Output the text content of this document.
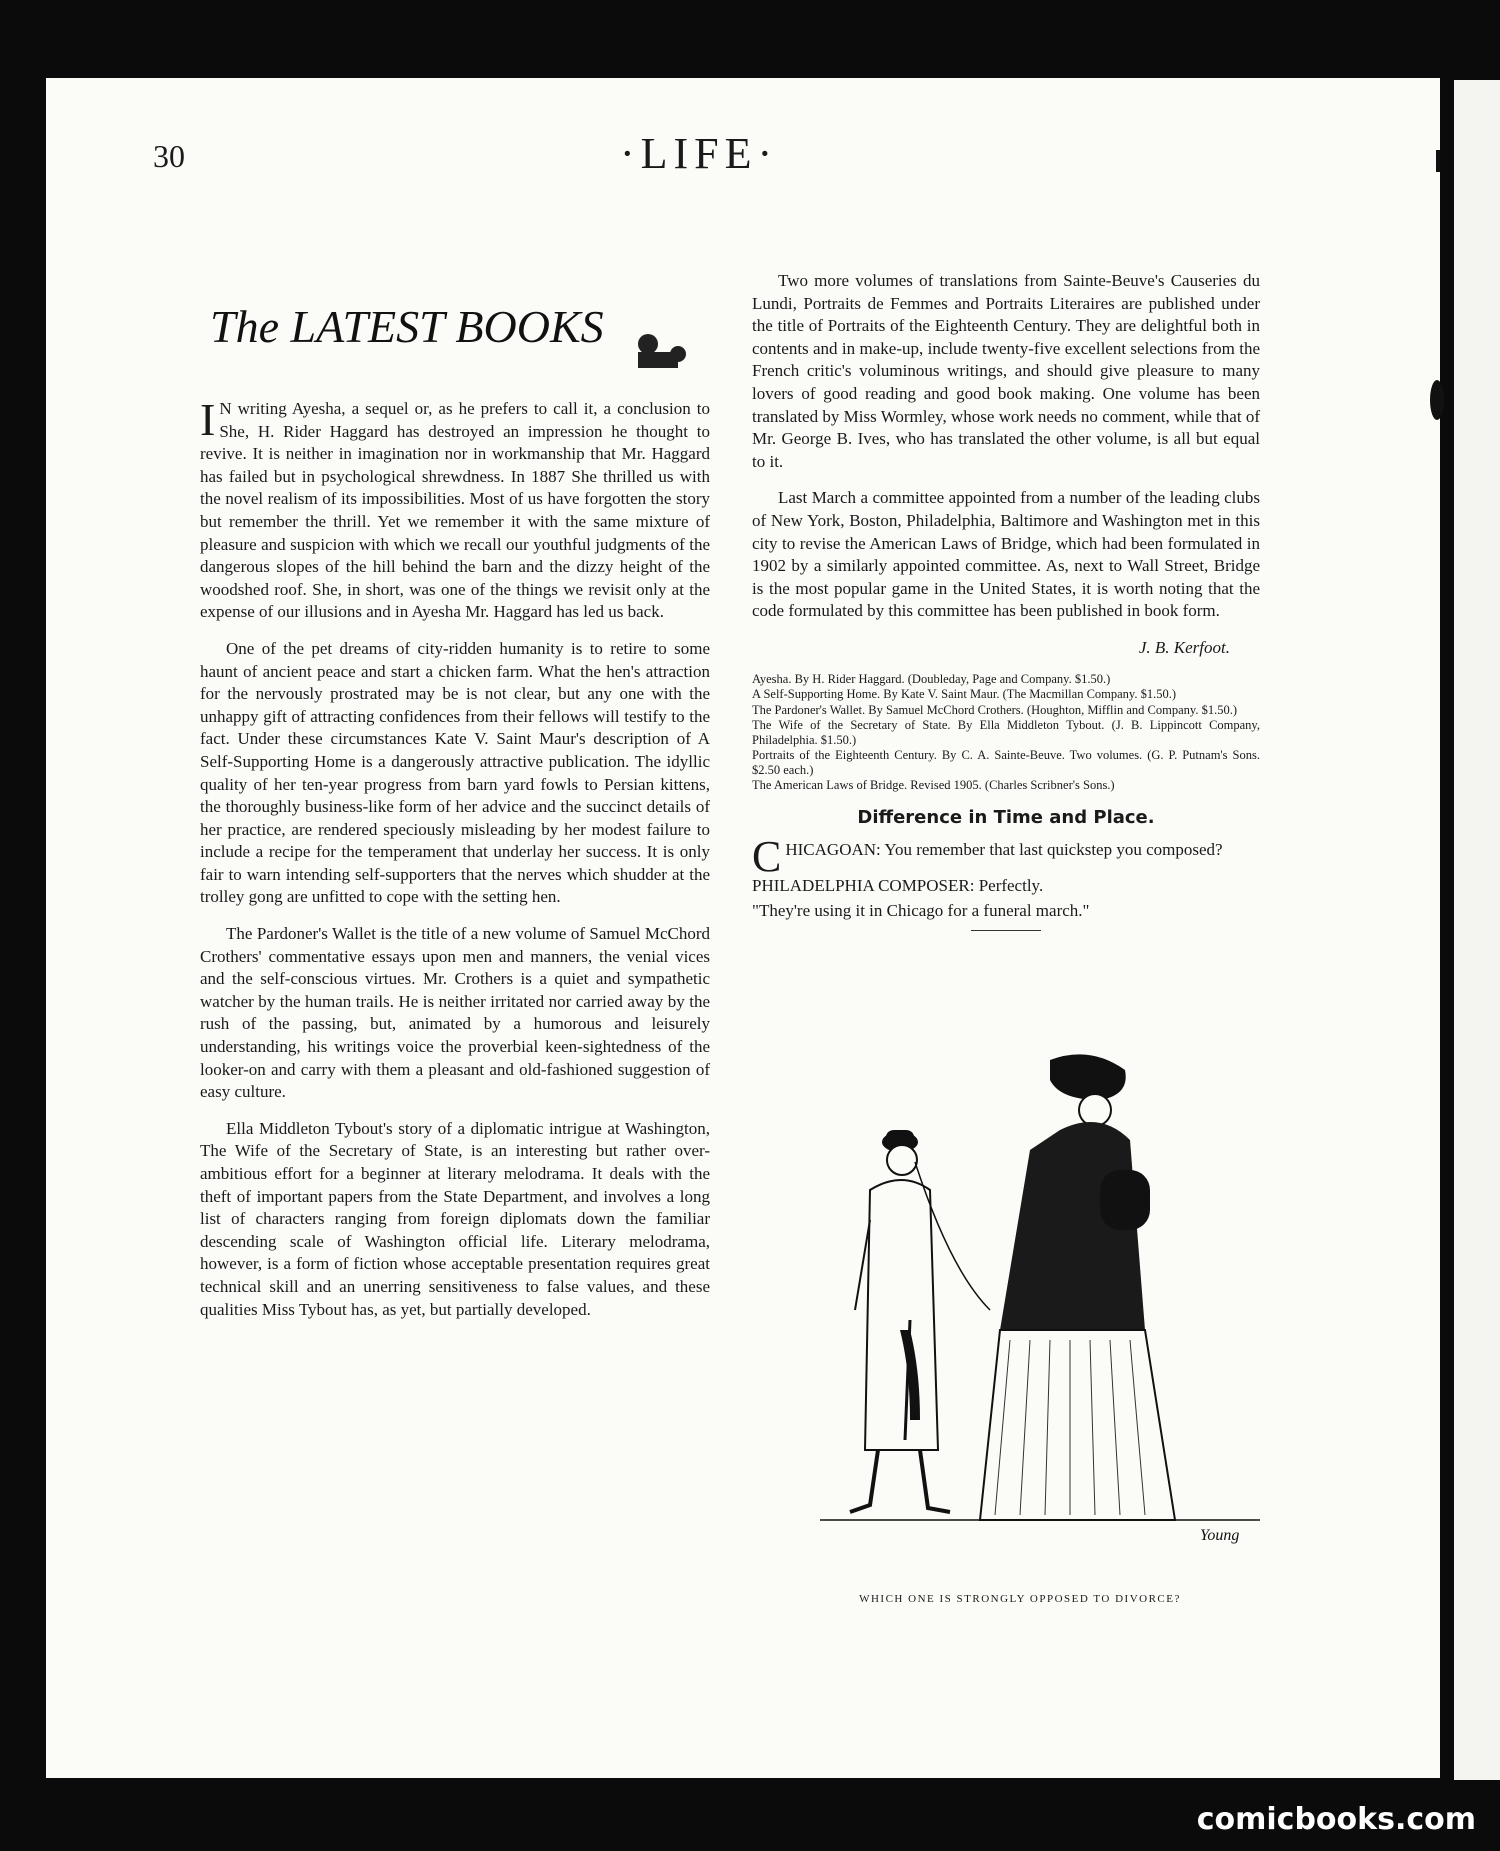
30	·LIFE·
The LATEST BOOKS

I N writing Ayesha, a sequel or, as he prefers to call it, a conclusion to She, H. Rider Haggard has destroyed an impression he thought to revive. It is neither in imagination nor in workmanship that Mr. Haggard has failed but in psychological shrewdness. In 1887 She thrilled us with the novel realism of its impossibilities. Most of us have forgotten the story but remember the thrill. Yet we remember it with the same mixture of pleasure and suspicion with which we recall our youthful judgments of the dangerous slopes of the hill behind the barn and the dizzy height of the woodshed roof. She, in short, was one of the things we revisit only at the expense of our illusions and in Ayesha Mr. Haggard has led us back.

One of the pet dreams of city-ridden humanity is to retire to some haunt of ancient peace and start a chicken farm. What the hen's attraction for the nervously prostrated may be is not clear, but any one with the unhappy gift of attracting confidences from their fellows will testify to the fact. Under these circumstances Kate V. Saint Maur's description of A Self-Supporting Home is a dangerously attractive publication. The idyllic quality of her ten-year progress from barn yard fowls to Persian kittens, the thoroughly business-like form of her advice and the succinct details of her practice, are rendered speciously misleading by her modest failure to include a recipe for the temperament that underlay her success. It is only fair to warn intending self-supporters that the nerves which shudder at the trolley gong are unfitted to cope with the setting hen.

The Pardoner's Wallet is the title of a new volume of Samuel McChord Crothers' commentative essays upon men and manners, the venial vices and the self-conscious virtues. Mr. Crothers is a quiet and sympathetic watcher by the human trails. He is neither irritated nor carried away by the rush of the passing, but, animated by a humorous and leisurely understanding, his writings voice the proverbial keen-sightedness of the looker-on and carry with them a pleasant and old-fashioned suggestion of easy culture.

Ella Middleton Tybout's story of a diplomatic intrigue at Washington, The Wife of the Secretary of State, is an interesting but rather over-ambitious effort for a beginner at literary melodrama. It deals with the theft of important papers from the State Department, and involves a long list of characters ranging from foreign diplomats down the familiar descending scale of Washington official life. Literary melodrama, however, is a form of fiction whose acceptable presentation requires great technical skill and an unerring sensitiveness to false values, and these qualities Miss Tybout has, as yet, but partially developed.

Two more volumes of translations from Sainte-Beuve's Causeries du Lundi, Portraits de Femmes and Portraits Literaires are published under the title of Portraits of the Eighteenth Century. They are delightful both in contents and in make-up, include twenty-five excellent selections from the French critic's voluminous writings, and should give pleasure to many lovers of good reading and good book making. One volume has been translated by Miss Wormley, whose work needs no comment, while that of Mr. George B. Ives, who has translated the other volume, is all but equal to it.

Last March a committee appointed from a number of the leading clubs of New York, Boston, Philadelphia, Baltimore and Washington met in this city to revise the American Laws of Bridge, which had been formulated in 1902 by a similarly appointed committee. As, next to Wall Street, Bridge is the most popular game in the United States, it is worth noting that the code formulated by this committee has been published in book form.

J. B. Kerfoot.
Ayesha. By H. Rider Haggard. (Doubleday, Page and Company. $1.50.)
A Self-Supporting Home. By Kate V. Saint Maur. (The Macmillan Company. $1.50.)
The Pardoner's Wallet. By Samuel McChord Crothers. (Houghton, Mifflin and Company. $1.50.)
The Wife of the Secretary of State. By Ella Middleton Tybout. (J. B. Lippincott Company, Philadelphia. $1.50.)
Portraits of the Eighteenth Century. By C. A. Sainte-Beuve. Two volumes. (G. P. Putnam's Sons. $2.50 each.)
The American Laws of Bridge. Revised 1905. (Charles Scribner's Sons.)
Difference in Time and Place.
CHICAGOAN: You remember that last quickstep you composed?
PHILADELPHIA COMPOSER: Perfectly.
"They're using it in Chicago for a funeral march."
Young
WHICH ONE IS STRONGLY OPPOSED TO DIVORCE?
comicbooks.com
